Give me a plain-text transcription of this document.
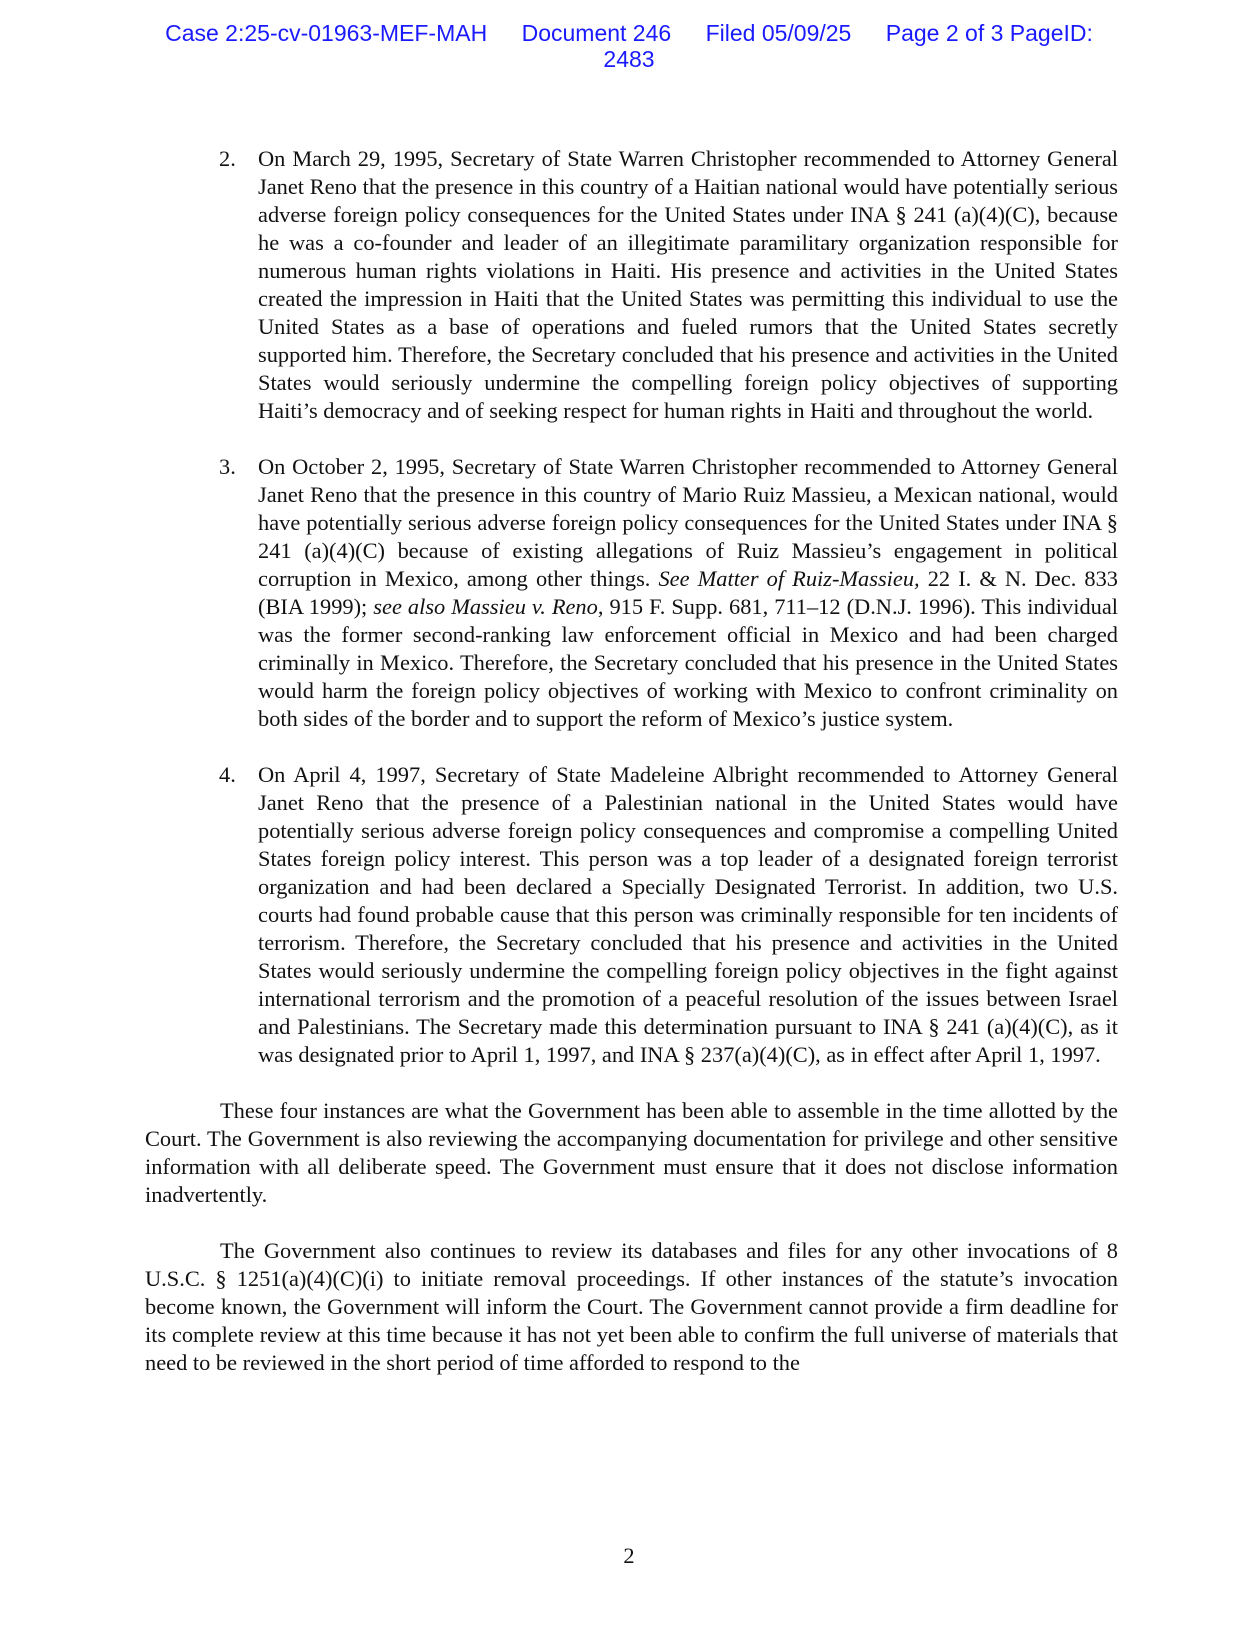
Case 2:25-cv-01963-MEF-MAH Document 246 Filed 05/09/25 Page 2 of 3 PageID:
2483
2. On March 29, 1995, Secretary of State Warren Christopher recommended to Attorney General Janet Reno that the presence in this country of a Haitian national would have potentially serious adverse foreign policy consequences for the United States under INA § 241 (a)(4)(C), because he was a co-founder and leader of an illegitimate paramilitary organization responsible for numerous human rights violations in Haiti. His presence and activities in the United States created the impression in Haiti that the United States was permitting this individual to use the United States as a base of operations and fueled rumors that the United States secretly supported him. Therefore, the Secretary concluded that his presence and activities in the United States would seriously undermine the compelling foreign policy objectives of supporting Haiti’s democracy and of seeking respect for human rights in Haiti and throughout the world.
3. On October 2, 1995, Secretary of State Warren Christopher recommended to Attorney General Janet Reno that the presence in this country of Mario Ruiz Massieu, a Mexican national, would have potentially serious adverse foreign policy consequences for the United States under INA § 241 (a)(4)(C) because of existing allegations of Ruiz Massieu’s engagement in political corruption in Mexico, among other things. See Matter of Ruiz-Massieu, 22 I. & N. Dec. 833 (BIA 1999); see also Massieu v. Reno, 915 F. Supp. 681, 711–12 (D.N.J. 1996). This individual was the former second-ranking law enforcement official in Mexico and had been charged criminally in Mexico. Therefore, the Secretary concluded that his presence in the United States would harm the foreign policy objectives of working with Mexico to confront criminality on both sides of the border and to support the reform of Mexico’s justice system.
4. On April 4, 1997, Secretary of State Madeleine Albright recommended to Attorney General Janet Reno that the presence of a Palestinian national in the United States would have potentially serious adverse foreign policy consequences and compromise a compelling United States foreign policy interest. This person was a top leader of a designated foreign terrorist organization and had been declared a Specially Designated Terrorist. In addition, two U.S. courts had found probable cause that this person was criminally responsible for ten incidents of terrorism. Therefore, the Secretary concluded that his presence and activities in the United States would seriously undermine the compelling foreign policy objectives in the fight against international terrorism and the promotion of a peaceful resolution of the issues between Israel and Palestinians. The Secretary made this determination pursuant to INA § 241 (a)(4)(C), as it was designated prior to April 1, 1997, and INA § 237(a)(4)(C), as in effect after April 1, 1997.

These four instances are what the Government has been able to assemble in the time allotted by the Court. The Government is also reviewing the accompanying documentation for privilege and other sensitive information with all deliberate speed. The Government must ensure that it does not disclose information inadvertently.

The Government also continues to review its databases and files for any other invocations of 8 U.S.C. § 1251(a)(4)(C)(i) to initiate removal proceedings. If other instances of the statute’s invocation become known, the Government will inform the Court. The Government cannot provide a firm deadline for its complete review at this time because it has not yet been able to confirm the full universe of materials that need to be reviewed in the short period of time afforded to respond to the

2
